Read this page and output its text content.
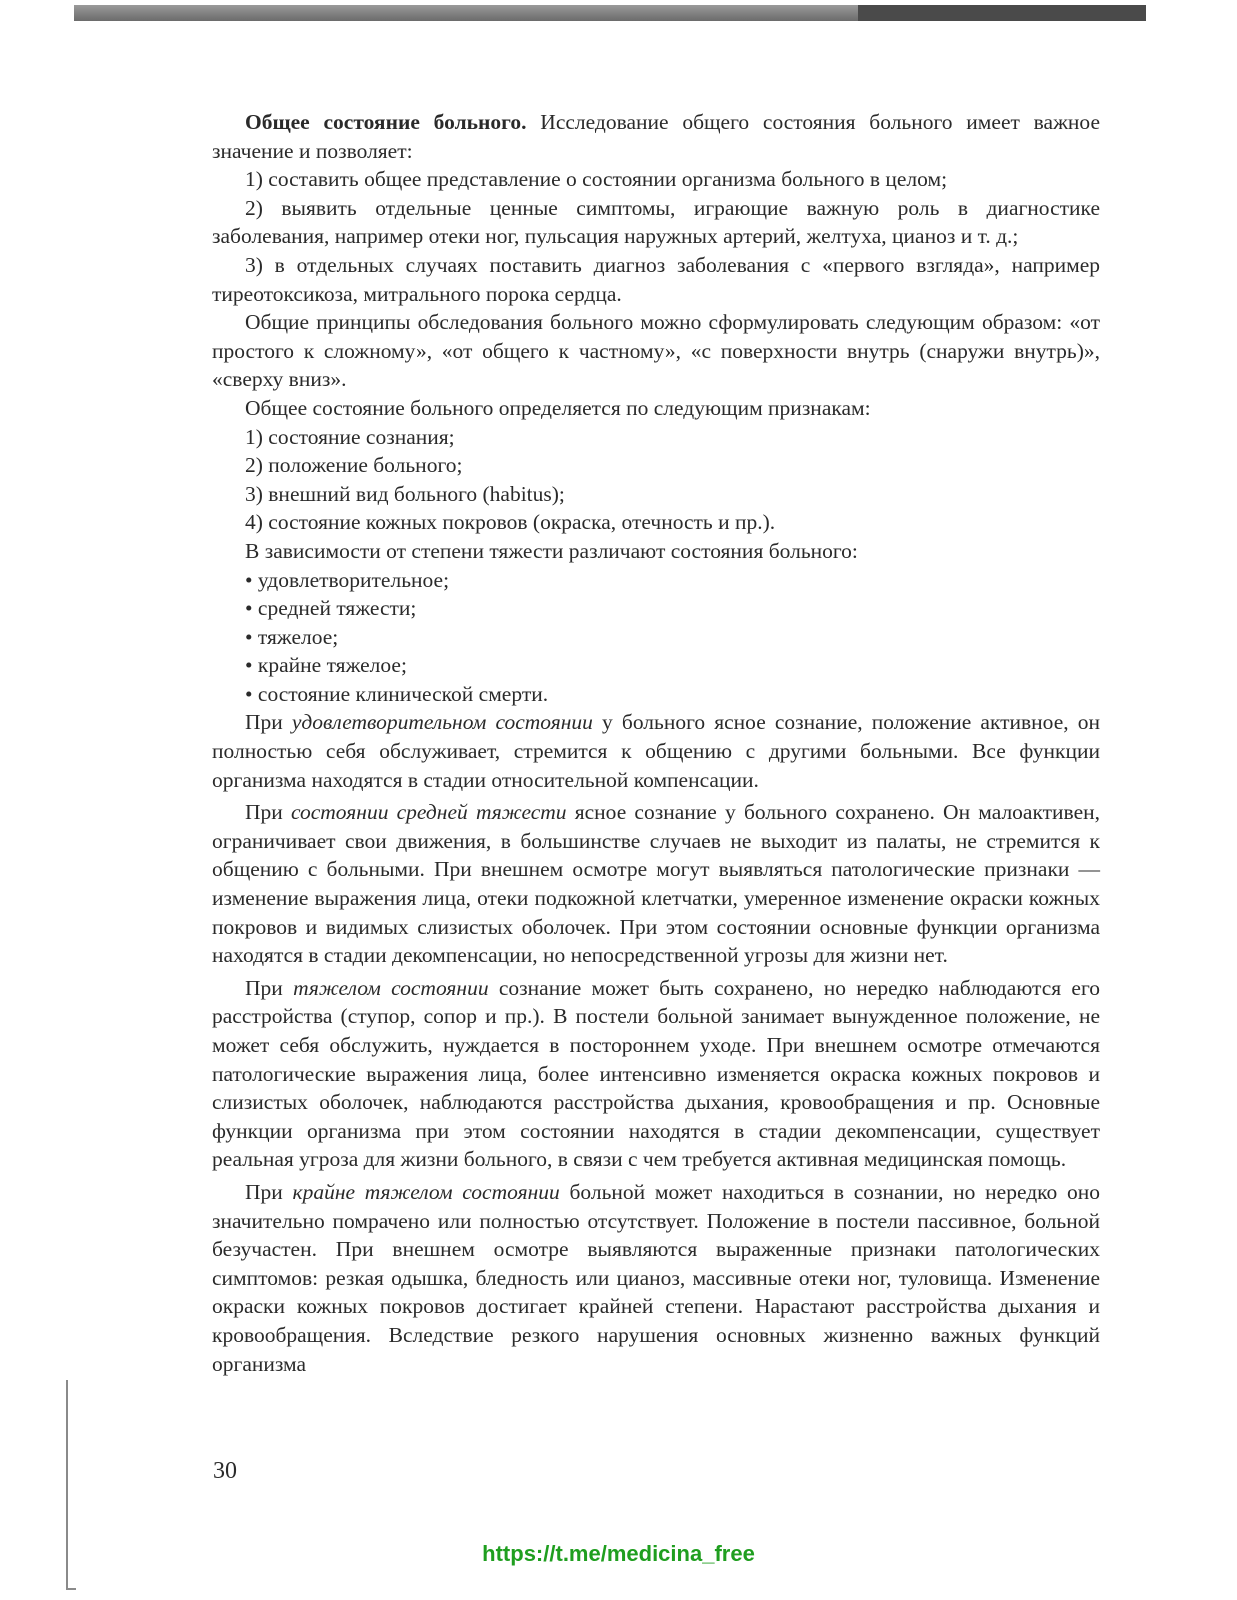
Общее состояние больного. Исследование общего состояния больного имеет важное значение и позволяет:

1) составить общее представление о состоянии организма больного в целом;

2) выявить отдельные ценные симптомы, играющие важную роль в диагностике заболевания, например отеки ног, пульсация наружных артерий, желтуха, цианоз и т. д.;

3) в отдельных случаях поставить диагноз заболевания с «первого взгляда», например тиреотоксикоза, митрального порока сердца.

Общие принципы обследования больного можно сформулировать следующим образом: «от простого к сложному», «от общего к частному», «с поверхности внутрь (снаружи внутрь)», «сверху вниз».

Общее состояние больного определяется по следующим признакам:

1) состояние сознания;

2) положение больного;

3) внешний вид больного (habitus);

4) состояние кожных покровов (окраска, отечность и пр.).

В зависимости от степени тяжести различают состояния больного:

• удовлетворительное;

• средней тяжести;

• тяжелое;

• крайне тяжелое;

• состояние клинической смерти.

При удовлетворительном состоянии у больного ясное сознание, положение активное, он полностью себя обслуживает, стремится к общению с другими больными. Все функции организма находятся в стадии относительной компенсации.

При состоянии средней тяжести ясное сознание у больного сохранено. Он малоактивен, ограничивает свои движения, в большинстве случаев не выходит из палаты, не стремится к общению с больными. При внешнем осмотре могут выявляться патологические признаки — изменение выражения лица, отеки подкожной клетчатки, умеренное изменение окраски кожных покровов и видимых слизистых оболочек. При этом состоянии основные функции организма находятся в стадии декомпенсации, но непосредственной угрозы для жизни нет.

При тяжелом состоянии сознание может быть сохранено, но нередко наблюдаются его расстройства (ступор, сопор и пр.). В постели больной занимает вынужденное положение, не может себя обслужить, нуждается в постороннем уходе. При внешнем осмотре отмечаются патологические выражения лица, более интенсивно изменяется окраска кожных покровов и слизистых оболочек, наблюдаются расстройства дыхания, кровообращения и пр. Основные функции организма при этом состоянии находятся в стадии декомпенсации, существует реальная угроза для жизни больного, в связи с чем требуется активная медицинская помощь.

При крайне тяжелом состоянии больной может находиться в сознании, но нередко оно значительно помрачено или полностью отсутствует. Положение в постели пассивное, больной безучастен. При внешнем осмотре выявляются выраженные признаки патологических симптомов: резкая одышка, бледность или цианоз, массивные отеки ног, туловища. Изменение окраски кожных покровов достигает крайней степени. Нарастают расстройства дыхания и кровообращения. Вследствие резкого нарушения основных жизненно важных функций организма

30
https://t.me/medicina_free
